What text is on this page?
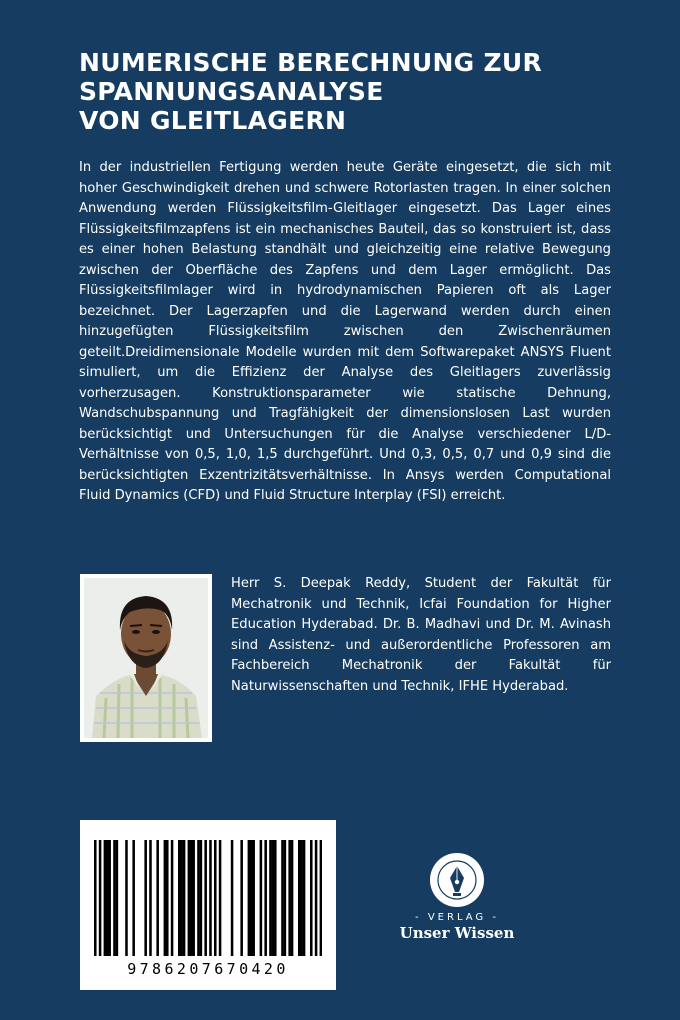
NUMERISCHE BERECHNUNG ZUR
SPANNUNGSANALYSE
VON GLEITLAGERN

In der industriellen Fertigung werden heute Geräte eingesetzt, die sich mit hoher Geschwindigkeit drehen und schwere Rotorlasten tragen. In einer solchen Anwendung werden Flüssigkeitsfilm-Gleitlager eingesetzt. Das Lager eines Flüssigkeitsfilmzapfens ist ein mechanisches Bauteil, das so konstruiert ist, dass es einer hohen Belastung standhält und gleichzeitig eine relative Bewegung zwischen der Oberfläche des Zapfens und dem Lager ermöglicht. Das Flüssigkeitsfilmlager wird in hydrodynamischen Papieren oft als Lager bezeichnet. Der Lagerzapfen und die Lagerwand werden durch einen hinzugefügten Flüssigkeitsfilm zwischen den Zwischenräumen geteilt.Dreidimensionale Modelle wurden mit dem Softwarepaket ANSYS Fluent simuliert, um die Effizienz der Analyse des Gleitlagers zuverlässig vorherzusagen. Konstruktionsparameter wie statische Dehnung, Wandschubspannung und Tragfähigkeit der dimensionslosen Last wurden berücksichtigt und Untersuchungen für die Analyse verschiedener L/D-Verhältnisse von 0,5, 1,0, 1,5 durchgeführt. Und 0,3, 0,5, 0,7 und 0,9 sind die berücksichtigten Exzentrizitätsverhältnisse. In Ansys werden Computational Fluid Dynamics (CFD) und Fluid Structure Interplay (FSI) erreicht.

Herr S. Deepak Reddy, Student der Fakultät für Mechatronik und Technik, Icfai Foundation for Higher Education Hyderabad. Dr. B. Madhavi und Dr. M. Avinash sind Assistenz- und außerordentliche Professoren am Fachbereich Mechatronik der Fakultät für Naturwissenschaften und Technik, IFHE Hyderabad.

9786207670420
- VERLAG -
Unser Wissen
